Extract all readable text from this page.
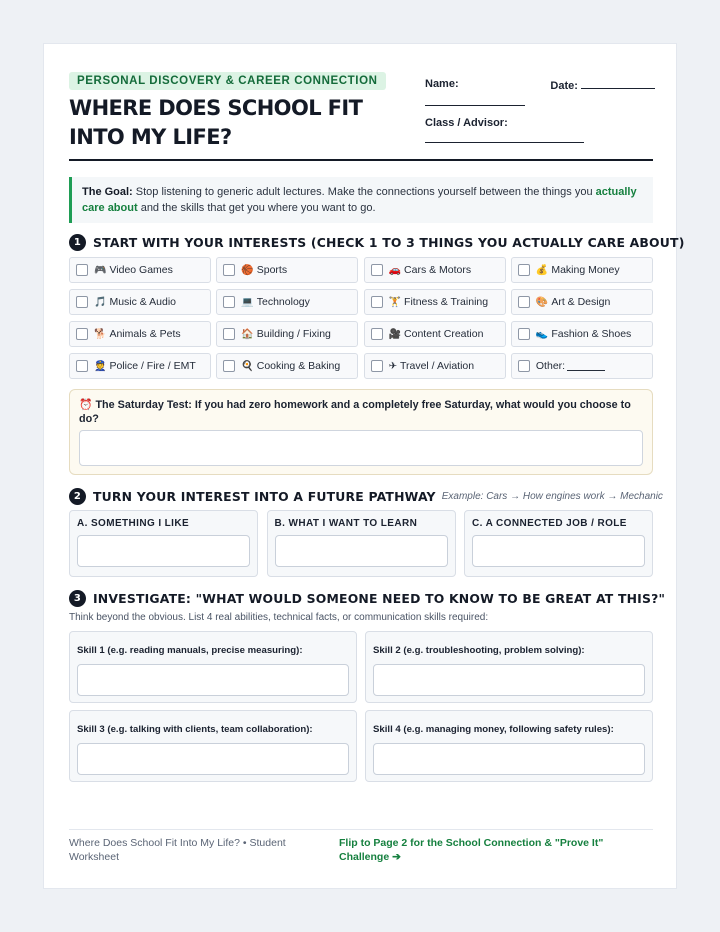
PERSONAL DISCOVERY & CAREER CONNECTION
WHERE DOES SCHOOL FIT INTO MY LIFE?
Name:	Date:
Class / Advisor:
The Goal: Stop listening to generic adult lectures. Make the connections yourself between the things you actually care about and the skills that get you where you want to go.
1 START WITH YOUR INTERESTS (CHECK 1 TO 3 THINGS YOU ACTUALLY CARE ABOUT)
🎮 Video Games	🏀 Sports	🚗 Cars & Motors	💰 Making Money
🎵 Music & Audio	💻 Technology	🏋 Fitness & Training	🎨 Art & Design
🐕 Animals & Pets	🏠 Building / Fixing	🎥 Content Creation	👟 Fashion & Shoes
👮 Police / Fire / EMT	🍳 Cooking & Baking	✈ Travel / Aviation	Other:
⏰ The Saturday Test: If you had zero homework and a completely free Saturday, what would you choose to do?
2 TURN YOUR INTEREST INTO A FUTURE PATHWAY Example: Cars → How engines work → Mechanic
A. SOMETHING I LIKE	B. WHAT I WANT TO LEARN	C. A CONNECTED JOB / ROLE
3 INVESTIGATE: "WHAT WOULD SOMEONE NEED TO KNOW TO BE GREAT AT THIS?"
Think beyond the obvious. List 4 real abilities, technical facts, or communication skills required:
Skill 1 (e.g. reading manuals, precise measuring):	Skill 2 (e.g. troubleshooting, problem solving):
Skill 3 (e.g. talking with clients, team collaboration):	Skill 4 (e.g. managing money, following safety rules):
Where Does School Fit Into My Life? • Student Worksheet
Flip to Page 2 for the School Connection & "Prove It" Challenge ➔
